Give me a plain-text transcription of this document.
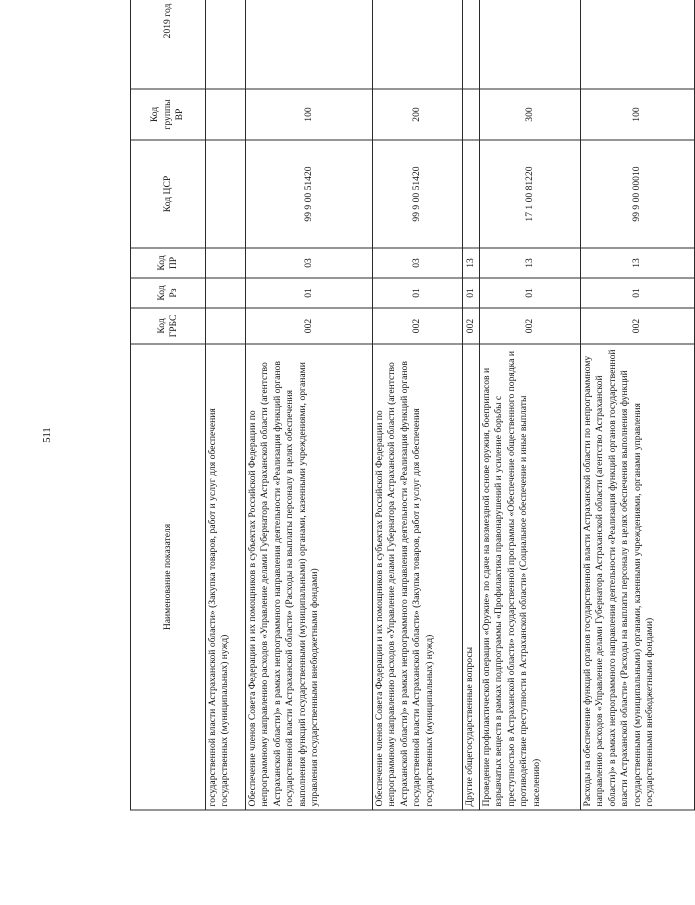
511
Наименование показателя	Код ГРБС	Код Рз	Код ПР	Код ЦСР	Код группы ВР	2019 год
государственной власти Астраханской области» (Закупка товаров, работ и услуг для обеспечения государственных (муниципальных) нужд)						
Обеспечение членов Совета Федерации и их помощников в субъектах Российской Федерации по непрограммному направлению расходов «Управление делами Губернатора Астраханской области (агентство Астраханской области)» в рамках непрограммного направления деятельности «Реализация функций органов государственной власти Астраханской области» (Расходы на выплаты персоналу в целях обеспечения выполнения функций государственными (муниципальными) органами, казенными учреждениями, органами управления государственными внебюджетными фондами)	002	01	03	99 9 00 51420	100	
Обеспечение членов Совета Федерации и их помощников в субъектах Российской Федерации по непрограммному направлению расходов «Управление делами Губернатора Астраханской области (агентство Астраханской области)» в рамках непрограммного направления деятельности «Реализация функций органов государственной власти Астраханской области» (Закупка товаров, работ и услуг для обеспечения государственных (муниципальных) нужд)	002	01	03	99 9 00 51420	200	
Другие общегосударственные вопросы	002	01	13			
Проведение профилактической операции «Оружие» по сдаче на возмездной основе оружия, боеприпасов и взрывчатых веществ в рамках подпрограммы «Профилактика правонарушений и усиление борьбы с преступностью в Астраханской области» государственной программы «Обеспечение общественного порядка и противодействие преступности в Астраханской области» (Социальное обеспечение и иные выплаты населению)	002	01	13	17 1 00 81220	300	
Расходы на обеспечение функций органов государственной власти Астраханской области по непрограммному направлению расходов «Управление делами Губернатора Астраханской области (агентство Астраханской области)» в рамках непрограммного направления деятельности «Реализация функций органов государственной власти Астраханской области» (Расходы на выплаты персоналу в целях обеспечения выполнения функций государственными (муниципальными) органами, казенными учреждениями, органами управления государственными внебюджетными фондами)	002	01	13	99 9 00 00010	100	
